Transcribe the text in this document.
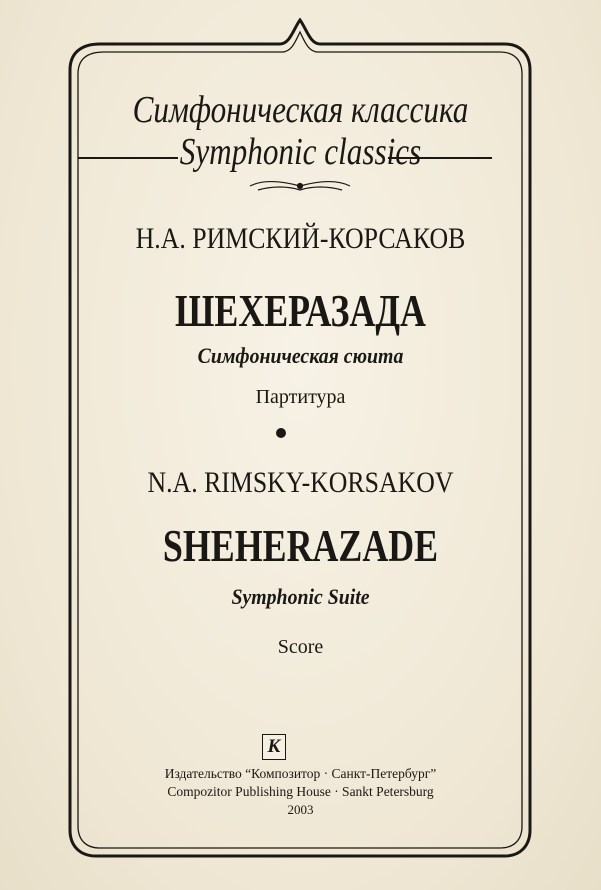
Симфоническая классика

Symphonic classics

Н.А. РИМСКИЙ-КОРСАКОВ

ШЕХЕРАЗАДА

Симфоническая сюита

Партитура

N.A. RIMSKY-KORSAKOV

SHEHERAZADE

Symphonic Suite

Score

К

Издательство “Композитор · Санкт-Петербург”

Compozitor Publishing House · Sankt Petersburg

2003
